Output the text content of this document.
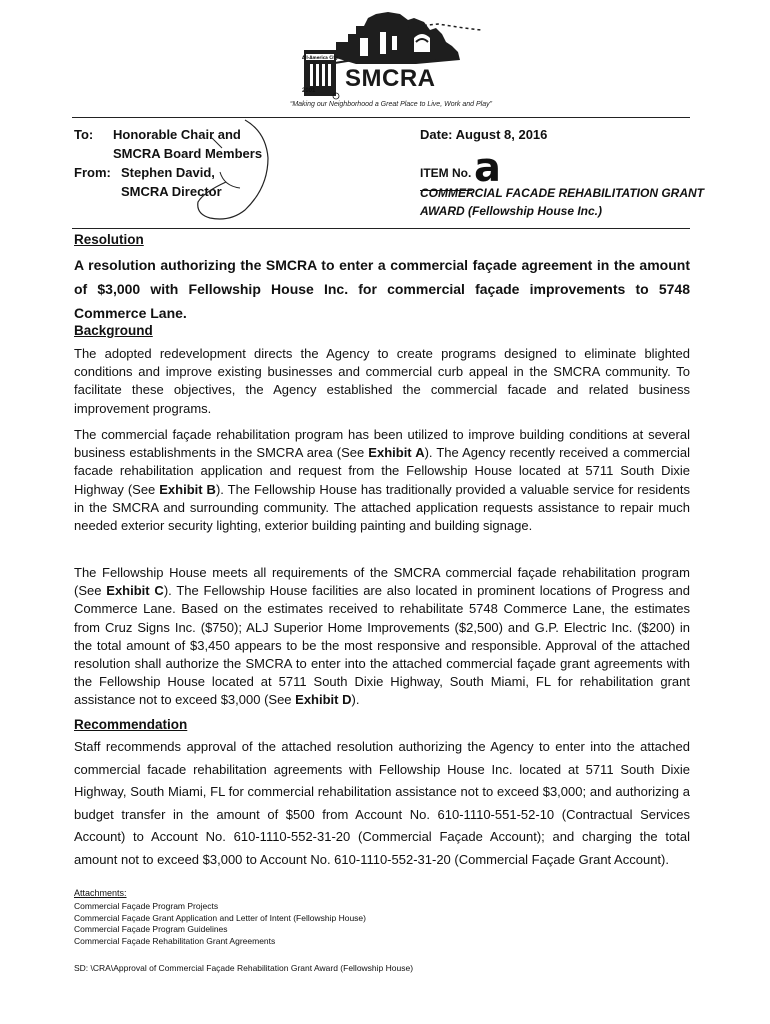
All-America City
SMCRA
2001
“Making our Neighborhood a Great Place to Live, Work and Play”
To: Honorable Chair and
SMCRA Board Members
From: Stephen David,
SMCRA Director
Date: August 8, 2016
ITEM No. a
COMMERCIAL FACADE REHABILITATION GRANT AWARD (Fellowship House Inc.)
Resolution
A resolution authorizing the SMCRA to enter a commercial façade agreement in the amount of $3,000 with Fellowship House Inc. for commercial façade improvements to 5748 Commerce Lane.
Background

The adopted redevelopment directs the Agency to create programs designed to eliminate blighted conditions and improve existing businesses and commercial curb appeal in the SMCRA community. To facilitate these objectives, the Agency established the commercial facade and related business improvement programs.

The commercial façade rehabilitation program has been utilized to improve building conditions at several business establishments in the SMCRA area (See Exhibit A). The Agency recently received a commercial facade rehabilitation application and request from the Fellowship House located at 5711 South Dixie Highway (See Exhibit B). The Fellowship House has traditionally provided a valuable service for residents in the SMCRA and surrounding community. The attached application requests assistance to repair much needed exterior security lighting, exterior building painting and building signage.

The Fellowship House meets all requirements of the SMCRA commercial façade rehabilitation program (See Exhibit C). The Fellowship House facilities are also located in prominent locations of Progress and Commerce Lane. Based on the estimates received to rehabilitate 5748 Commerce Lane, the estimates from Cruz Signs Inc. ($750); ALJ Superior Home Improvements ($2,500) and G.P. Electric Inc. ($200) in the total amount of $3,450 appears to be the most responsive and responsible. Approval of the attached resolution shall authorize the SMCRA to enter into the attached commercial façade grant agreements with the Fellowship House located at 5711 South Dixie Highway, South Miami, FL for rehabilitation grant assistance not to exceed $3,000 (See Exhibit D).

Recommendation

Staff recommends approval of the attached resolution authorizing the Agency to enter into the attached commercial facade rehabilitation agreements with Fellowship House Inc. located at 5711 South Dixie Highway, South Miami, FL for commercial rehabilitation assistance not to exceed $3,000; and authorizing a budget transfer in the amount of $500 from Account No. 610-1110-551-52-10 (Contractual Services Account) to Account No. 610-1110-552-31-20 (Commercial Façade Account); and charging the total amount not to exceed $3,000 to Account No. 610-1110-552-31-20 (Commercial Façade Grant Account).

Attachments:
Commercial Façade Program Projects
Commercial Façade Grant Application and Letter of Intent (Fellowship House)
Commercial Façade Program Guidelines
Commercial Façade Rehabilitation Grant Agreements
SD: \CRA\Approval of Commercial Façade Rehabilitation Grant Award (Fellowship House)
